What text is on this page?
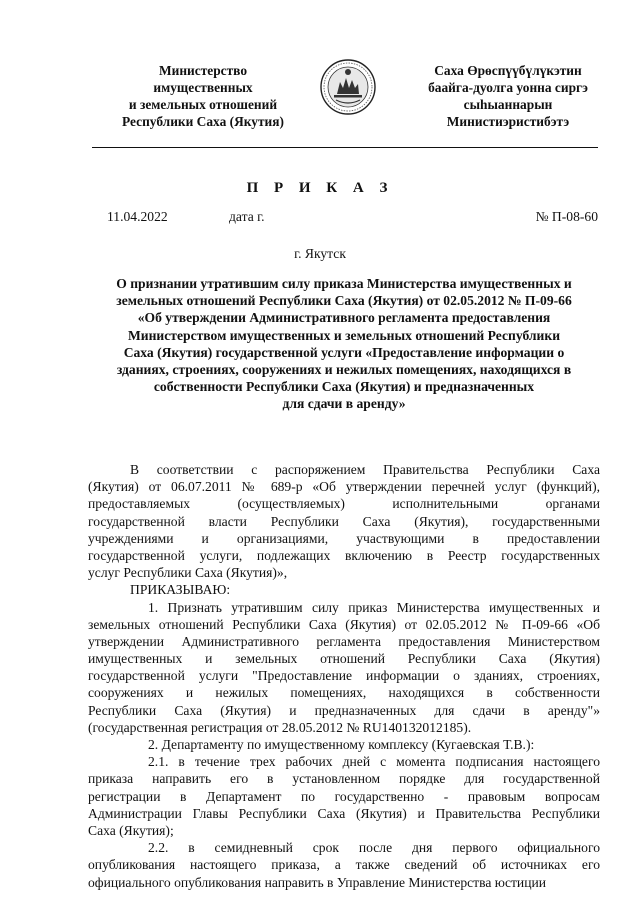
Министерство
имущественных
и земельных отношений
Республики Саха (Якутия)
Саха Өрөспүүбүлүкэтин
баайга-дуолга уонна сиргэ
сыһыаннарын
Министиэристибэтэ
П Р И К А З
11.04.2022	дата г.	№ П-08-60
г. Якутск
О признании утратившим силу приказа Министерства имущественных и
земельных отношений Республики Саха (Якутия) от 02.05.2012 № П-09-66
«Об утверждении Административного регламента предоставления
Министерством имущественных и земельных отношений Республики
Саха (Якутия) государственной услуги «Предоставление информации о
зданиях, строениях, сооружениях и нежилых помещениях, находящихся в
собственности Республики Саха (Якутия) и предназначенных
для сдачи в аренду»
В соответствии с распоряжением Правительства Республики Саха
(Якутия) от 06.07.2011 № 689-р «Об утверждении перечней услуг (функций),
предоставляемых (осуществляемых) исполнительными органами
государственной власти Республики Саха (Якутия), государственными
учреждениями и организациями, участвующими в предоставлении
государственной услуги, подлежащих включению в Реестр государственных
услуг Республики Саха (Якутия)»,
ПРИКАЗЫВАЮ:
1. Признать утратившим силу приказ Министерства имущественных и
земельных отношений Республики Саха (Якутия) от 02.05.2012 № П-09-66 «Об
утверждении Административного регламента предоставления Министерством
имущественных и земельных отношений Республики Саха (Якутия)
государственной услуги "Предоставление информации о зданиях, строениях,
сооружениях и нежилых помещениях, находящихся в собственности
Республики Саха (Якутия) и предназначенных для сдачи в аренду"»
(государственная регистрация от 28.05.2012 № RU140132012185).
2. Департаменту по имущественному комплексу (Кугаевская Т.В.):
2.1. в течение трех рабочих дней с момента подписания настоящего
приказа направить его в установленном порядке для государственной
регистрации в Департамент по государственно - правовым вопросам
Администрации Главы Республики Саха (Якутия) и Правительства Республики
Саха (Якутия);
2.2. в семидневный срок после дня первого официального
опубликования настоящего приказа, а также сведений об источниках его
официального опубликования направить в Управление Министерства юстиции
